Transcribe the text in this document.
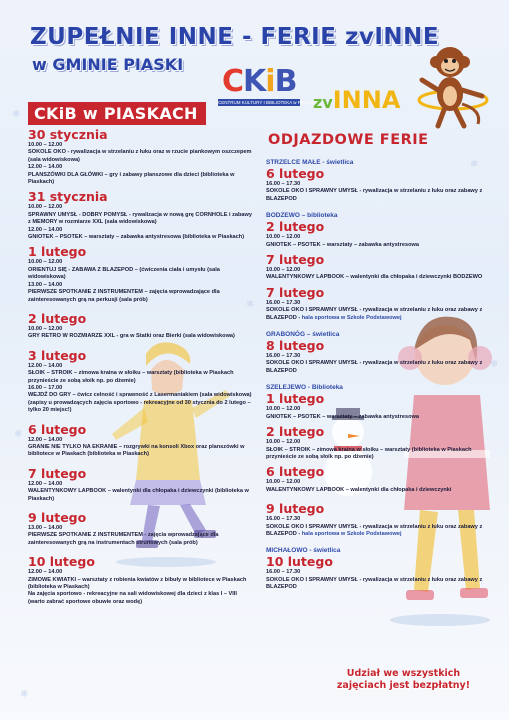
❄
❄
❄
❄
❄
❄
ZUPEŁNIE INNE - FERIE zvINNE
w GMINIE PIASKI CKiB
CENTRUM KULTURY I BIBLIOTEKA w PIASKACH
zvINNA
CKiB w PIASKACH
30 stycznia
10.00 – 12.00
SOKOLE OKO - rywalizacja w strzelaniu z łuku oraz w rzucie piankowym oszczepem (sala widowiskowa)
12.00 – 14.00
PLANSZÓWKI DLA GŁÓWKI – gry i zabawy planszowe dla dzieci (biblioteka w Piaskach)
31 stycznia
10.00 – 12.00
SPRAWNY UMYSŁ - DOBRY POMYSŁ - rywalizacja w nową grę CORNHOLE i zabawy z MEMORY w rozmiarze XXL (sala widowiskowa)
12.00 – 14.00
GNIOTEK – PSOTEK – warsztaty – zabawka antystresowa (biblioteka w Piaskach)
1 lutego
10.00 – 12.00
ORIENTUJ SIĘ - ZABAWA Z BLAZEPOD – (ćwiczenia ciała i umysłu (sala widowiskowa)
13.00 – 14.00
PIERWSZE SPOTKANIE Z INSTRUMENTEM – zajęcia wprowadzające dla zainteresowanych grą na perkusji (sala prób)
2 lutego
10.00 – 12.00
GRY RETRO W ROZMIARZE XXL - gra w Statki oraz Bierki (sala widowiskowa)
3 lutego
12.00 – 14.00
SŁOIK – STROIK – zimowa kraina w słoiku – warsztaty (biblioteka w Piaskach przynieście ze sobą słoik np. po dżemie)
16.00 – 17.00
WEJDŹ DO GRY – ćwicz celność i sprawność z Lasermaniakiem (sala widowiskowa) (zapisy u prowadzących zajęcia sportowo - rekreacyjne od 30 stycznia do 2 lutego – tylko 20 miejsc!)
6 lutego
12.00 – 14.00
GRANIE NIE TYLKO NA EKRANIE – rozgrywki na konsoli Xbox oraz planszówki w bibliotece w Piaskach (biblioteka w Piaskach)
7 lutego
12.00 – 14.00
WALENTYNKOWY LAPBOOK – walentynki dla chłopaka i dziewczynki (biblioteka w Piaskach)
9 lutego
13.00 – 14.00
PIERWSZE SPOTKANIE Z INSTRUMENTEM - zajęcia wprowadzające dla zainteresowanych grą na instrumentach strunowych (sala prób)
10 lutego
12.00 – 14.00
ZIMOWE KWIATKI – warsztaty z robienia kwiatów z bibuły w bibliotece w Piaskach (biblioteka w Piaskach)
Na zajęcia sportowo - rekreacyjne na sali widowiskowej dla dzieci z klas I – VIII (warto zabrać sportowe obuwie oraz wodę)
ODJAZDOWE FERIE
STRZELCE MAŁE - świetlica
6 lutego
16.00 – 17.30
SOKOLE OKO I SPRAWNY UMYSŁ - rywalizacja w strzelaniu z łuku oraz zabawy z BLAZEPOD
BODZEWO – biblioteka
2 lutego
10.00 – 12.00
GNIOTEK – PSOTEK – warsztaty – zabawka antystresowa
7 lutego
10.00 – 12.00
WALENTYNKOWY LAPBOOK – walentynki dla chłopaka i dziewczynki BODZEWO
7 lutego
16.00 – 17.30
SOKOLE OKO I SPRAWNY UMYSŁ - rywalizacja w strzelaniu z łuku oraz zabawy z BLAZEPOD - hala sportowa w Szkole Podstawowej
GRABONÓG – świetlica
8 lutego
16.00 – 17.30
SOKOLE OKO I SPRAWNY UMYSŁ - rywalizacja w strzelaniu z łuku oraz zabawy z BLAZEPOD
SZELEJEWO - Biblioteka
1 lutego
10.00 – 12.00
GNIOTEK – PSOTEK – warsztaty – zabawka antystresowa
2 lutego
10.00 – 12.00
SŁOIK – STROIK – zimowa kraina w słoiku – warsztaty (biblioteka w Piaskach przynieście ze sobą słoik np. po dżemie)
6 lutego
10.00 – 12.00
WALENTYNKOWY LAPBOOK – walentynki dla chłopaka i dziewczynki
9 lutego
16.00 – 17.30
SOKOLE OKO I SPRAWNY UMYSŁ - rywalizacja w strzelaniu z łuku oraz zabawy z BLAZEPOD - hala sportowa w Szkole Podstawowej
MICHAŁOWO - świetlica
10 lutego
16.00 – 17.30
SOKOLE OKO I SPRAWNY UMYSŁ - rywalizacja w strzelaniu z łuku oraz zabawy z BLAZEPOD
Udział we wszystkich
zajęciach jest bezpłatny!
